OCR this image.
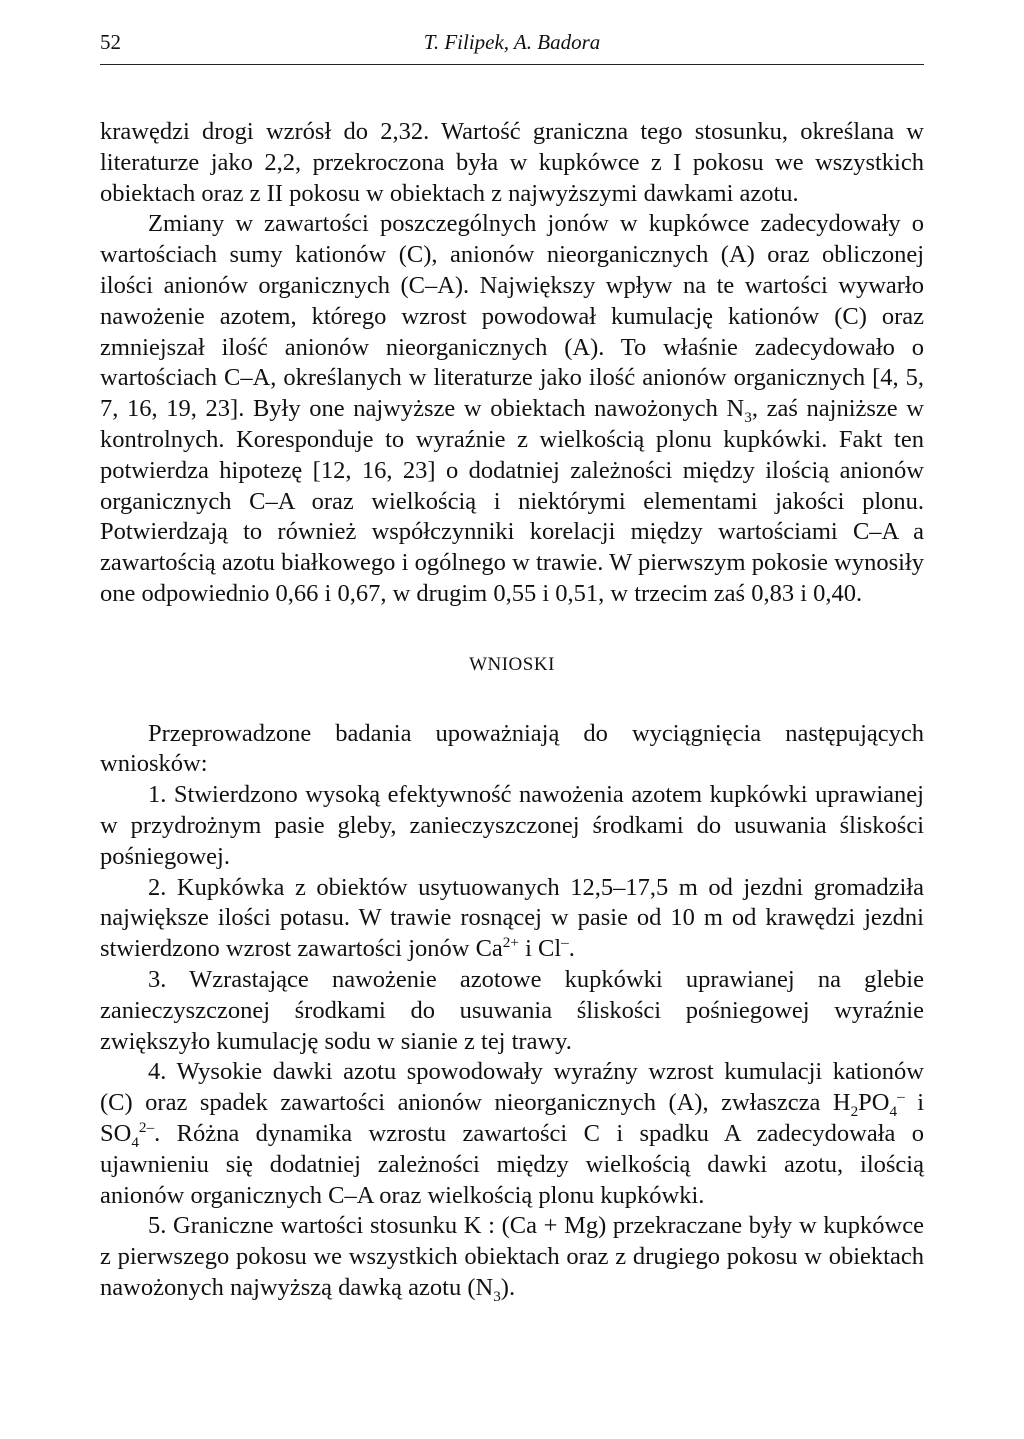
52	T. Filipek, A. Badora

krawędzi drogi wzrósł do 2,32. Wartość graniczna tego stosunku, określana w literaturze jako 2,2, przekroczona była w kupkówce z I pokosu we wszystkich obiektach oraz z II pokosu w obiektach z najwyższymi dawkami azotu.

Zmiany w zawartości poszczególnych jonów w kupkówce zadecydowały o wartościach sumy kationów (C), anionów nieorganicznych (A) oraz obliczonej ilości anionów organicznych (C–A). Największy wpływ na te wartości wywarło nawożenie azotem, którego wzrost powodował kumulację kationów (C) oraz zmniejszał ilość anionów nieorganicznych (A). To właśnie zadecydowało o wartościach C–A, określanych w literaturze jako ilość anionów organicznych [4, 5, 7, 16, 19, 23]. Były one najwyższe w obiektach nawożonych $N_3$, zaś najniższe w kontrolnych. Koresponduje to wyraźnie z wielkością plonu kupkówki. Fakt ten potwierdza hipotezę [12, 16, 23] o dodatniej zależności między ilością anionów organicznych C–A oraz wielkością i niektórymi elementami jakości plonu. Potwierdzają to również współczynniki korelacji między wartościami C–A a zawartością azotu białkowego i ogólnego w trawie. W pierwszym pokosie wynosiły one odpowiednio 0,66 i 0,67, w drugim 0,55 i 0,51, w trzecim zaś 0,83 i 0,40.

WNIOSKI

Przeprowadzone badania upoważniają do wyciągnięcia następujących wniosków:

1. Stwierdzono wysoką efektywność nawożenia azotem kupkówki uprawianej w przydrożnym pasie gleby, zanieczyszczonej środkami do usuwania śliskości pośniegowej.

2. Kupkówka z obiektów usytuowanych 12,5–17,5 m od jezdni gromadziła największe ilości potasu. W trawie rosnącej w pasie od 10 m od krawędzi jezdni stwierdzono wzrost zawartości jonów $Ca^{2+}$ i Cl–.

3. Wzrastające nawożenie azotowe kupkówki uprawianej na glebie zanieczyszczonej środkami do usuwania śliskości pośniegowej wyraźnie zwiększyło kumulację sodu w sianie z tej trawy.

4. Wysokie dawki azotu spowodowały wyraźny wzrost kumulacji kationów (C) oraz spadek zawartości anionów nieorganicznych (A), zwłaszcza $H_2PO_4^-$ i $SO_4^{2-}$. Różna dynamika wzrostu zawartości C i spadku A zadecydowała o ujawnieniu się dodatniej zależności między wielkością dawki azotu, ilością anionów organicznych C–A oraz wielkością plonu kupkówki.

5. Graniczne wartości stosunku K : (Ca + Mg) przekraczane były w kupkówce z pierwszego pokosu we wszystkich obiektach oraz z drugiego pokosu w obiektach nawożonych najwyższą dawką azotu $(N_3)$.
